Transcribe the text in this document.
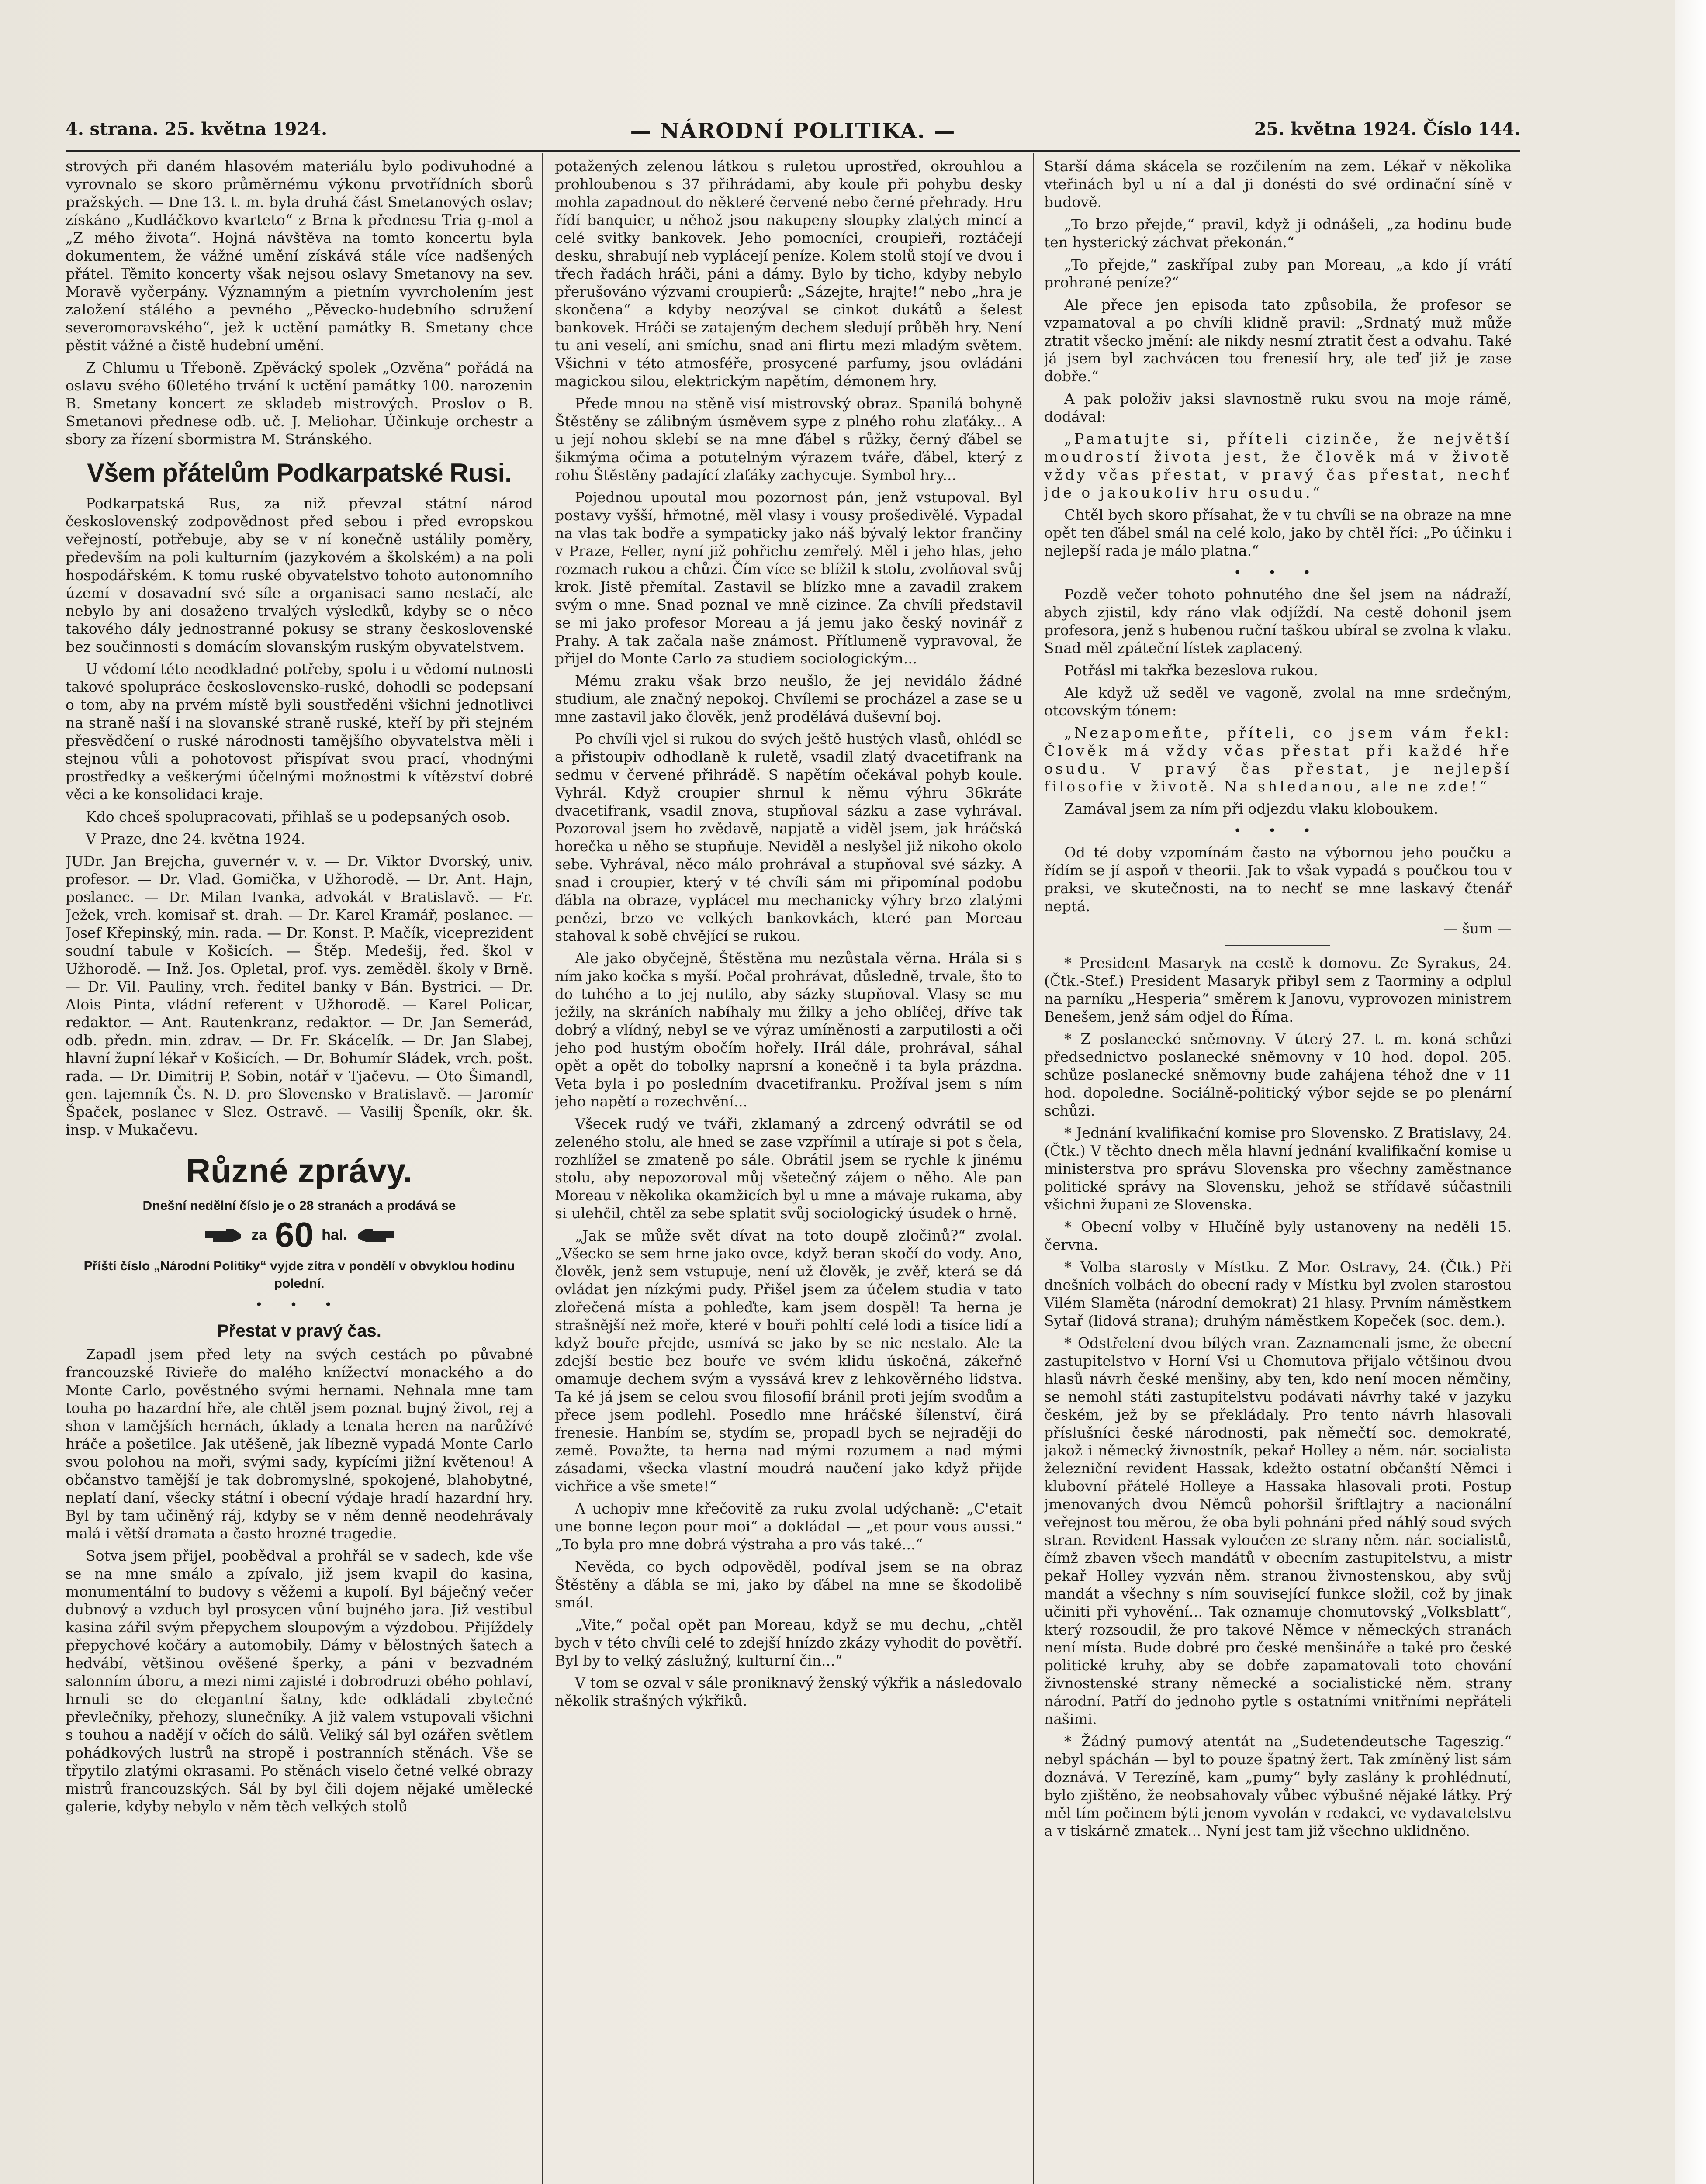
4. strana. 25. května 1924.	— NÁRODNÍ POLITIKA. —	25. května 1924. Číslo 144.

strových při daném hlasovém materiálu bylo podivuhodné a vyrovnalo se skoro průměrnému výkonu prvotřídních sborů pražských. — Dne 13. t. m. byla druhá část Smetanových oslav; získáno „Kudláčkovo kvarteto“ z Brna k přednesu Tria g-mol a „Z mého života“. Hojná návštěva na tomto koncertu byla dokumentem, že vážné umění získává stále více nadšených přátel. Těmito koncerty však nejsou oslavy Smetanovy na sev. Moravě vyčerpány. Významným a pietním vyvrcholením jest založení stálého a pevného „Pěvecko-hudebního sdružení severomoravského“, jež k uctění památky B. Smetany chce pěstit vážné a čistě hudební umění.

Z Chlumu u Třeboně. Zpěvácký spolek „Ozvěna“ pořádá na oslavu svého 60letého trvání k uctění památky 100. narozenin B. Smetany koncert ze skladeb mistrových. Proslov o B. Smetanovi přednese odb. uč. J. Meliohar. Účinkuje orchestr a sbory za řízení sbormistra M. Stránského.

Všem přátelům Podkarpatské Rusi.

Podkarpatská Rus, za niž převzal státní národ československý zodpovědnost před sebou i před evropskou veřejností, potřebuje, aby se v ní konečně ustálily poměry, především na poli kulturním (jazykovém a školském) a na poli hospodářském. K tomu ruské obyvatelstvo tohoto autonomního území v dosavadní své síle a organisaci samo nestačí, ale nebylo by ani dosaženo trvalých výsledků, kdyby se o něco takového dály jednostranné pokusy se strany československé bez součinnosti s domácím slovanským ruským obyvatelstvem.

U vědomí této neodkladné potřeby, spolu i u vědomí nutnosti takové spolupráce československo-ruské, dohodli se podepsaní o tom, aby na prvém místě byli soustředěni všichni jednotlivci na straně naší i na slovanské straně ruské, kteří by při stejném přesvědčení o ruské národnosti tamějšího obyvatelstva měli i stejnou vůli a pohotovost přispívat svou prací, vhodnými prostředky a veškerými účelnými možnostmi k vítězství dobré věci a ke konsolidaci kraje.

Kdo chceš spolupracovati, přihlaš se u podepsaných osob.

V Praze, dne 24. května 1924.

JUDr. Jan Brejcha, guvernér v. v. — Dr. Viktor Dvorský, univ. profesor. — Dr. Vlad. Gomička, v Užhorodě. — Dr. Ant. Hajn, poslanec. — Dr. Milan Ivanka, advokát v Bratislavě. — Fr. Ježek, vrch. komisař st. drah. — Dr. Karel Kramář, poslanec. — Josef Křepinský, min. rada. — Dr. Konst. P. Mačík, viceprezident soudní tabule v Košicích. — Štěp. Medešij, řed. škol v Užhorodě. — Inž. Jos. Opletal, prof. vys. zeměděl. školy v Brně. — Dr. Vil. Pauliny, vrch. ředitel banky v Bán. Bystrici. — Dr. Alois Pinta, vládní referent v Užhorodě. — Karel Policar, redaktor. — Ant. Rautenkranz, redaktor. — Dr. Jan Semerád, odb. předn. min. zdrav. — Dr. Fr. Skácelík. — Dr. Jan Slabej, hlavní župní lékař v Košicích. — Dr. Bohumír Sládek, vrch. pošt. rada. — Dr. Dimitrij P. Sobin, notář v Tjačevu. — Oto Šimandl, gen. tajemník Čs. N. D. pro Slovensko v Bratislavě. — Jaromír Špaček, poslanec v Slez. Ostravě. — Vasilij Špeník, okr. šk. insp. v Mukačevu.

Různé zprávy.
Dnešní nedělní číslo je o 28 stranách a prodává se
za 60 hal.
Příští číslo „Národní Politiky“ vyjde zítra v pondělí v obvyklou hodinu polední.
• • •
Přestat v pravý čas.

Zapadl jsem před lety na svých cestách po půvabné francouzské Rivieře do malého knížectví monackého a do Monte Carlo, pověstného svými hernami. Nehnala mne tam touha po hazardní hře, ale chtěl jsem poznat bujný život, rej a shon v tamějších hernách, úklady a tenata heren na narůžívé hráče a pošetilce. Jak utěšeně, jak líbezně vypadá Monte Carlo svou polohou na moři, svými sady, kypícími jižní květenou! A občanstvo tamější je tak dobromyslné, spokojené, blahobytné, neplatí daní, všecky státní i obecní výdaje hradí hazardní hry. Byl by tam učiněný ráj, kdyby se v něm denně neodehrávaly malá i větší dramata a často hrozné tragedie.

Sotva jsem přijel, poobědval a prohřál se v sadech, kde vše se na mne smálo a zpívalo, již jsem kvapil do kasina, monumentální to budovy s věžemi a kupolí. Byl báječný večer dubnový a vzduch byl prosycen vůní bujného jara. Již vestibul kasina zářil svým přepychem sloupovým a výzdobou. Přijíždely přepychové kočáry a automobily. Dámy v bělostných šatech a hedvábí, většinou ověšené šperky, a páni v bezvadném salonním úboru, a mezi nimi zajisté i dobrodruzi obého pohlaví, hrnuli se do elegantní šatny, kde odkládali zbytečné převlečníky, přehozy, slunečníky. A již valem vstupovali všichni s touhou a nadějí v očích do sálů. Veliký sál byl ozářen světlem pohádkových lustrů na stropě i postranních stěnách. Vše se třpytilo zlatými okrasami. Po stěnách viselo četné velké obrazy mistrů francouzských. Sál by byl čili dojem nějaké umělecké galerie, kdyby nebylo v něm těch velkých stolů

potažených zelenou látkou s ruletou uprostřed, okrouhlou a prohloubenou s 37 přihrádami, aby koule při pohybu desky mohla zapadnout do některé červené nebo černé přehrady. Hru řídí banquier, u něhož jsou nakupeny sloupky zlatých mincí a celé svitky bankovek. Jeho pomocníci, croupieři, roztáčejí desku, shrabují neb vyplácejí peníze. Kolem stolů stojí ve dvou i třech řadách hráči, páni a dámy. Bylo by ticho, kdyby nebylo přerušováno výzvami croupierů: „Sázejte, hrajte!“ nebo „hra je skončena“ a kdyby neozýval se cinkot dukátů a šelest bankovek. Hráči se zatajeným dechem sledují průběh hry. Není tu ani veselí, ani smíchu, snad ani flirtu mezi mladým světem. Všichni v této atmosféře, prosycené parfumy, jsou ovládáni magickou silou, elektrickým napětím, démonem hry.

Přede mnou na stěně visí mistrovský obraz. Spanilá bohyně Štěstěny se zálibným úsměvem sype z plného rohu zlaťáky... A u její nohou sklebí se na mne ďábel s růžky, černý ďábel se šikmýma očima a potutelným výrazem tváře, ďábel, který z rohu Štěstěny padající zlaťáky zachycuje. Symbol hry...

Pojednou upoutal mou pozornost pán, jenž vstupoval. Byl postavy vyšší, hřmotné, měl vlasy i vousy prošedivělé. Vypadal na vlas tak bodře a sympaticky jako náš bývalý lektor frančiny v Praze, Feller, nyní již pohřichu zemřelý. Měl i jeho hlas, jeho rozmach rukou a chůzi. Čím více se blížil k stolu, zvolňoval svůj krok. Jistě přemítal. Zastavil se blízko mne a zavadil zrakem svým o mne. Snad poznal ve mně cizince. Za chvíli představil se mi jako profesor Moreau a já jemu jako český novinář z Prahy. A tak začala naše známost. Přítlumeně vypravoval, že přijel do Monte Carlo za studiem sociologickým...

Mému zraku však brzo neušlo, že jej nevidálo žádné studium, ale značný nepokoj. Chvílemi se procházel a zase se u mne zastavil jako člověk, jenž prodělává duševní boj.

Po chvíli vjel si rukou do svých ještě hustých vlasů, ohlédl se a přistoupiv odhodlaně k ruletě, vsadil zlatý dvacetifrank na sedmu v červené přihrádě. S napětím očekával pohyb koule. Vyhrál. Když croupier shrnul k němu výhru 36kráte dvacetifrank, vsadil znova, stupňoval sázku a zase vyhrával. Pozoroval jsem ho zvědavě, napjatě a viděl jsem, jak hráčská horečka u něho se stupňuje. Neviděl a neslyšel již nikoho okolo sebe. Vyhrával, něco málo prohrával a stupňoval své sázky. A snad i croupier, který v té chvíli sám mi připomínal podobu ďábla na obraze, vyplácel mu mechanicky výhry brzo zlatými penězi, brzo ve velkých bankovkách, které pan Moreau stahoval k sobě chvějící se rukou.

Ale jako obyčejně, Štěstěna mu nezůstala věrna. Hrála si s ním jako kočka s myší. Počal prohrávat, důsledně, trvale, što to do tuhého a to jej nutilo, aby sázky stupňoval. Vlasy se mu ježily, na skráních nabíhaly mu žilky a jeho oblíčej, dříve tak dobrý a vlídný, nebyl se ve výraz umíněnosti a zarputilosti a oči jeho pod hustým obočím hořely. Hrál dále, prohrával, sáhal opět a opět do tobolky naprsní a konečně i ta byla prázdna. Veta byla i po posledním dvacetifranku. Prožíval jsem s ním jeho napětí a rozechvění...

Všecek rudý ve tváři, zklamaný a zdrcený odvrátil se od zeleného stolu, ale hned se zase vzpřímil a utíraje si pot s čela, rozhlížel se zmateně po sále. Obrátil jsem se rychle k jinému stolu, aby nepozoroval můj všetečný zájem o něho. Ale pan Moreau v několika okamžicích byl u mne a mávaje rukama, aby si ulehčil, chtěl za sebe splatit svůj sociologický úsudek o hrně.

„Jak se může svět dívat na toto doupě zločinů?“ zvolal. „Všecko se sem hrne jako ovce, když beran skočí do vody. Ano, člověk, jenž sem vstupuje, není už člověk, je zvěř, která se dá ovládat jen nízkými pudy. Přišel jsem za účelem studia v tato zlořečená místa a pohleďte, kam jsem dospěl! Ta herna je strašnější než moře, které v bouři pohltí celé lodi a tisíce lidí a když bouře přejde, usmívá se jako by se nic nestalo. Ale ta zdejší bestie bez bouře ve svém klidu úskočná, zákeřně omamuje dechem svým a vyssává krev z lehkověrného lidstva. Ta ké já jsem se celou svou filosofií bránil proti jejím svodům a přece jsem podlehl. Posedlo mne hráčské šílenství, čirá frenesie. Hanbím se, stydím se, propadl bych se nejraději do země. Považte, ta herna nad mými rozumem a nad mými zásadami, všecka vlastní moudrá naučení jako když přijde vichřice a vše smete!“

A uchopiv mne křečovitě za ruku zvolal udýchaně: „C'etait une bonne leçon pour moi“ a dokládal — „et pour vous aussi.“ „To byla pro mne dobrá výstraha a pro vás také...“

Nevěda, co bych odpověděl, podíval jsem se na obraz Štěstěny a ďábla se mi, jako by ďábel na mne se škodolibě smál.

„Vite,“ počal opět pan Moreau, když se mu dechu, „chtěl bych v této chvíli celé to zdejší hnízdo zkázy vyhodit do povětří. Byl by to velký záslužný, kulturní čin...“

V tom se ozval v sále proniknavý ženský výkřik a následovalo několik strašných výkřiků.

Starší dáma skácela se rozčilením na zem. Lékař v několika vteřinách byl u ní a dal ji donésti do své ordinační síně v budově.

„To brzo přejde,“ pravil, když ji odnášeli, „za hodinu bude ten hysterický záchvat překonán.“

„To přejde,“ zaskřípal zuby pan Moreau, „a kdo jí vrátí prohrané peníze?“

Ale přece jen episoda tato způsobila, že profesor se vzpamatoval a po chvíli klidně pravil: „Srdnatý muž může ztratit všecko jmění: ale nikdy nesmí ztratit čest a odvahu. Také já jsem byl zachvácen tou frenesií hry, ale teď již je zase dobře.“

A pak položiv jaksi slavnostně ruku svou na moje rámě, dodával:

„Pamatujte si, příteli cizinče, že největší moudrostí života jest, že člověk má v životě vždy včas přestat, v pravý čas přestat, nechť jde o jakoukoliv hru osudu.“

Chtěl bych skoro přísahat, že v tu chvíli se na obraze na mne opět ten ďábel smál na celé kolo, jako by chtěl říci: „Po účinku i nejlepší rada je málo platna.“

• • •

Pozdě večer tohoto pohnutého dne šel jsem na nádraží, abych zjistil, kdy ráno vlak odjíždí. Na cestě dohonil jsem profesora, jenž s hubenou ruční taškou ubíral se zvolna k vlaku. Snad měl zpáteční lístek zaplacený.

Potřásl mi takřka bezeslova rukou.

Ale když už seděl ve vagoně, zvolal na mne srdečným, otcovským tónem:

„Nezapomeňte, příteli, co jsem vám řekl: Člověk má vždy včas přestat při každé hře osudu. V pravý čas přestat, je nejlepší filosofie v životě. Na shledanou, ale ne zde!“

Zamával jsem za ním při odjezdu vlaku kloboukem.

• • •

Od té doby vzpomínám často na výbornou jeho poučku a řídím se jí aspoň v theorii. Jak to však vypadá s poučkou tou v praksi, ve skutečnosti, na to nechť se mne laskavý čtenář neptá.

— šum —

* President Masaryk na cestě k domovu. Ze Syrakus, 24. (Čtk.-Stef.) President Masaryk přibyl sem z Taorminy a odplul na parníku „Hesperia“ směrem k Janovu, vyprovozen ministrem Benešem, jenž sám odjel do Říma.

* Z poslanecké sněmovny. V úterý 27. t. m. koná schůzi předsednictvo poslanecké sněmovny v 10 hod. dopol. 205. schůze poslanecké sněmovny bude zahájena téhož dne v 11 hod. dopoledne. Sociálně-politický výbor sejde se po plenární schůzi.

* Jednání kvalifikační komise pro Slovensko. Z Bratislavy, 24. (Čtk.) V těchto dnech měla hlavní jednání kvalifikační komise u ministerstva pro správu Slovenska pro všechny zaměstnance politické správy na Slovensku, jehož se střídavě súčastnili všichni župani ze Slovenska.

* Obecní volby v Hlučíně byly ustanoveny na neděli 15. června.

* Volba starosty v Místku. Z Mor. Ostravy, 24. (Čtk.) Při dnešních volbách do obecní rady v Místku byl zvolen starostou Vilém Slaměta (národní demokrat) 21 hlasy. Prvním náměstkem Sytař (lidová strana); druhým náměstkem Kopeček (soc. dem.).

* Odstřelení dvou bílých vran. Zaznamenali jsme, že obecní zastupitelstvo v Horní Vsi u Chomutova přijalo většinou dvou hlasů návrh české menšiny, aby ten, kdo není mocen němčiny, se nemohl státi zastupitelstvu podávati návrhy také v jazyku českém, jež by se překládaly. Pro tento návrh hlasovali příslušníci české národnosti, pak němečtí soc. demokraté, jakož i německý živnostník, pekař Holley a něm. nár. socialista železniční revident Hassak, kdežto ostatní občanští Němci i klubovní přátelé Holleye a Hassaka hlasovali proti. Postup jmenovaných dvou Němců pohoršil šriftlajtry a nacionální veřejnost tou měrou, že oba byli pohnáni před náhlý soud svých stran. Revident Hassak vyloučen ze strany něm. nár. socialistů, čímž zbaven všech mandátů v obecním zastupitelstvu, a mistr pekař Holley vyzván něm. stranou živnostenskou, aby svůj mandát a všechny s ním související funkce složil, což by jinak učiniti při vyhovění... Tak oznamuje chomutovský „Volksblatt“, který rozsoudil, že pro takové Němce v německých stranách není místa. Bude dobré pro české menšináře a také pro české politické kruhy, aby se dobře zapamatovali toto chování živnostenské strany německé a socialistické něm. strany národní. Patří do jednoho pytle s ostatními vnitřními nepřáteli našimi.

* Žádný pumový atentát na „Sudetendeutsche Tageszig.“ nebyl spáchán — byl to pouze špatný žert. Tak zmíněný list sám doznává. V Terezíně, kam „pumy“ byly zaslány k prohlédnutí, bylo zjištěno, že neobsahovaly vůbec výbušné nějaké látky. Prý měl tím počinem býti jenom vyvolán v redakci, ve vydavatelstvu a v tiskárně zmatek... Nyní jest tam již všechno uklidněno.
